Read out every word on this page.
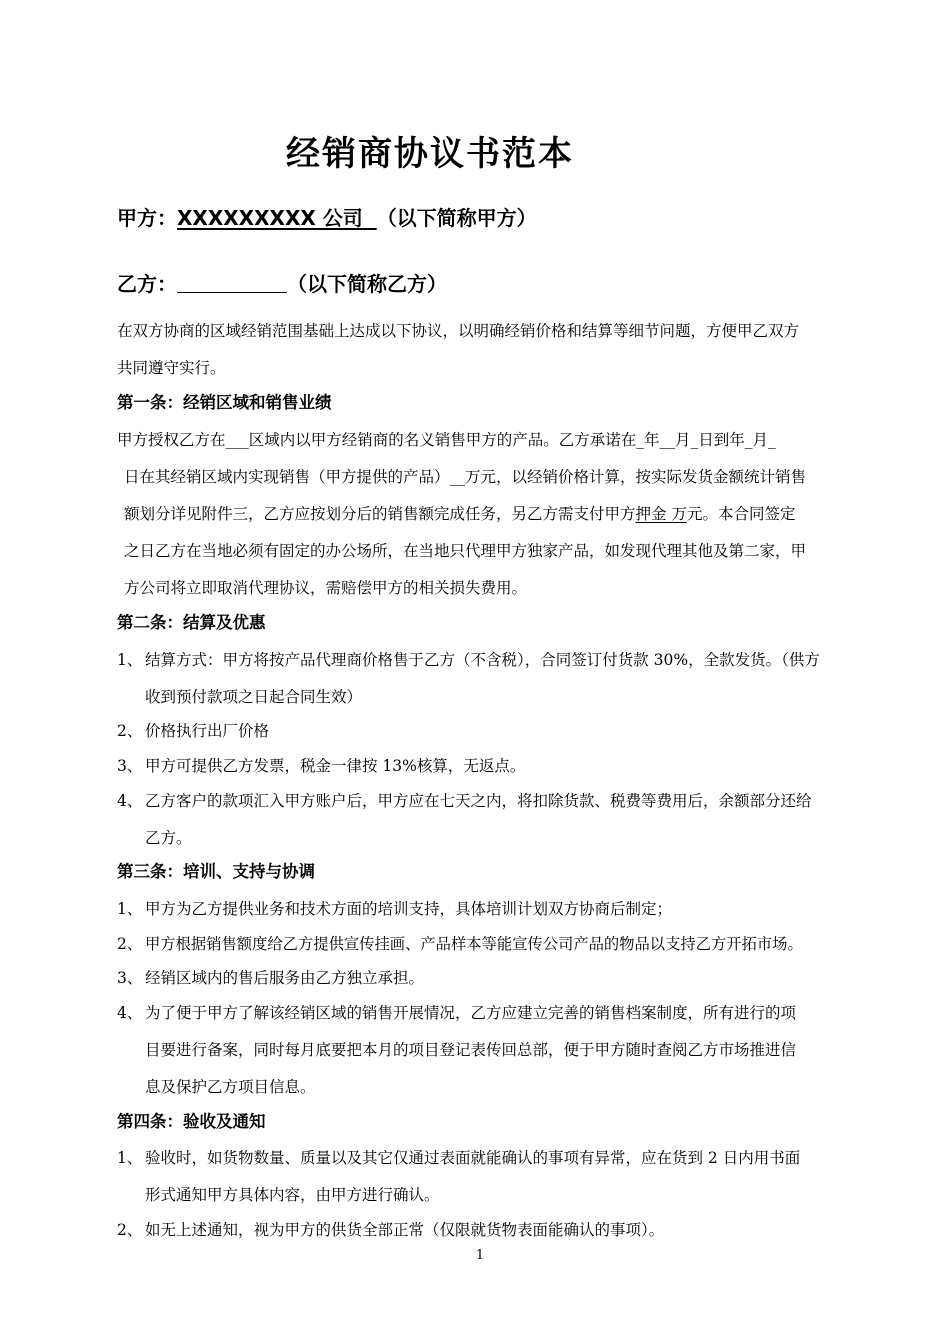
经销商协议书范本
甲方：XXXXXXXXX 公司 （以下简称甲方）
乙方：	（以下简称乙方）
在双方协商的区域经销范围基础上达成以下协议，以明确经销价格和结算等细节问题，方便甲乙双方
共同遵守实行。
第一条：经销区域和销售业绩
甲方授权乙方在___区域内以甲方经销商的名义销售甲方的产品。乙方承诺在_年__月_日到年_月_
日在其经销区域内实现销售（甲方提供的产品）__万元，以经销价格计算，按实际发货金额统计销售
额划分详见附件三，乙方应按划分后的销售额完成任务，另乙方需支付甲方押金 万元。本合同签定
之日乙方在当地必须有固定的办公场所，在当地只代理甲方独家产品，如发现代理其他及第二家，甲
方公司将立即取消代理协议，需赔偿甲方的相关损失费用。
第二条：结算及优惠
1、 结算方式：甲方将按产品代理商价格售于乙方（不含税），合同签订付货款 30%，全款发货。（供方
收到预付款项之日起合同生效）
2、 价格执行出厂价格
3、 甲方可提供乙方发票，税金一律按 13%核算，无返点。
4、 乙方客户的款项汇入甲方账户后，甲方应在七天之内，将扣除货款、税费等费用后，余额部分还给
乙方。
第三条：培训、支持与协调
1、 甲方为乙方提供业务和技术方面的培训支持，具体培训计划双方协商后制定；
2、 甲方根据销售额度给乙方提供宣传挂画、产品样本等能宣传公司产品的物品以支持乙方开拓市场。
3、 经销区域内的售后服务由乙方独立承担。
4、 为了便于甲方了解该经销区域的销售开展情况，乙方应建立完善的销售档案制度，所有进行的项
目要进行备案，同时每月底要把本月的项目登记表传回总部，便于甲方随时查阅乙方市场推进信
息及保护乙方项目信息。
第四条：验收及通知
1、 验收时，如货物数量、质量以及其它仅通过表面就能确认的事项有异常，应在货到 2 日内用书面
形式通知甲方具体内容，由甲方进行确认。
2、 如无上述通知，视为甲方的供货全部正常（仅限就货物表面能确认的事项）。
1
